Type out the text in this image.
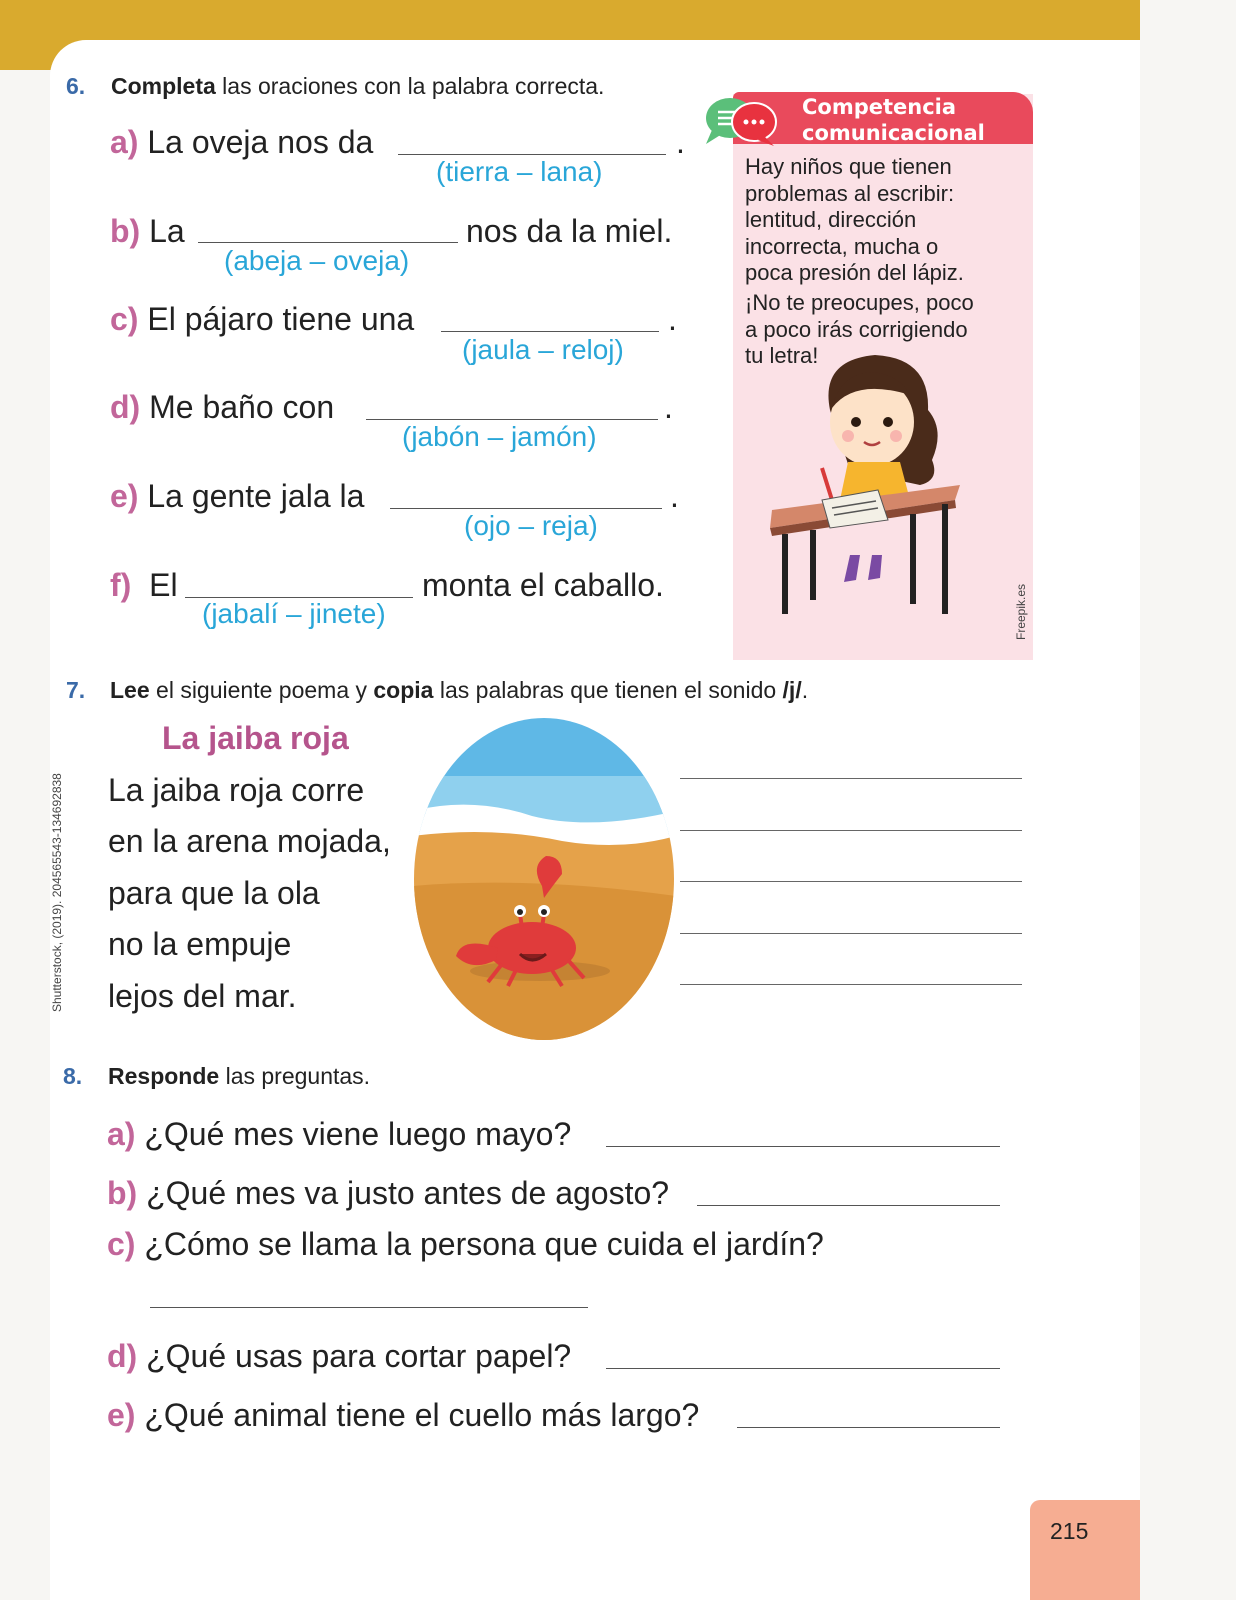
6. Completa las oraciones con la palabra correcta.
a) La oveja nos da	.
(tierra – lana)
b) La	nos da la miel.
(abeja – oveja)
c) El pájaro tiene una	.
(jaula – reloj)
d) Me baño con	.
(jabón – jamón)
e) La gente jala la	.
(ojo – reja)
f) El	monta el caballo.
(jabalí – jinete)
Competencia
comunicacional
Hay niños que tienen
problemas al escribir:
lentitud, dirección
incorrecta, mucha o
poca presión del lápiz.
¡No te preocupes, poco
a poco irás corrigiendo
tu letra!
Freepik.es
7. Lee el siguiente poema y copia las palabras que tienen el sonido /j/.
La jaiba roja
La jaiba roja corre
en la arena mojada,
para que la ola
no la empuje
lejos del mar.
Shutterstock, (2019). 204565543-13469283​8
8. Responde las preguntas.
a) ¿Qué mes viene luego mayo?
b) ¿Qué mes va justo antes de agosto?
c) ¿Cómo se llama la persona que cuida el jardín?
d) ¿Qué usas para cortar papel?
e) ¿Qué animal tiene el cuello más largo?
215
